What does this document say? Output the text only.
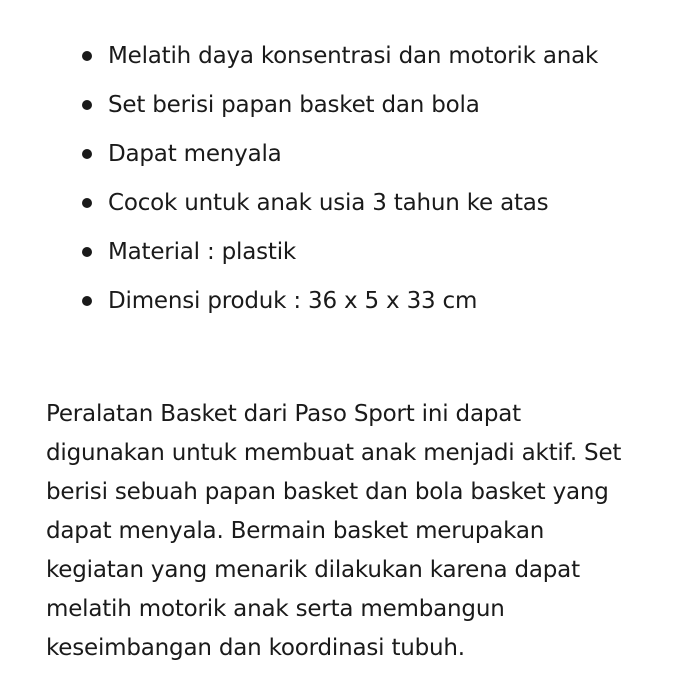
Melatih daya konsentrasi dan motorik anak
Set berisi papan basket dan bola
Dapat menyala
Cocok untuk anak usia 3 tahun ke atas
Material : plastik
Dimensi produk : 36 x 5 x 33 cm

Peralatan Basket dari Paso Sport ini dapat
digunakan untuk membuat anak menjadi aktif. Set
berisi sebuah papan basket dan bola basket yang
dapat menyala. Bermain basket merupakan
kegiatan yang menarik dilakukan karena dapat
melatih motorik anak serta membangun
keseimbangan dan koordinasi tubuh.
